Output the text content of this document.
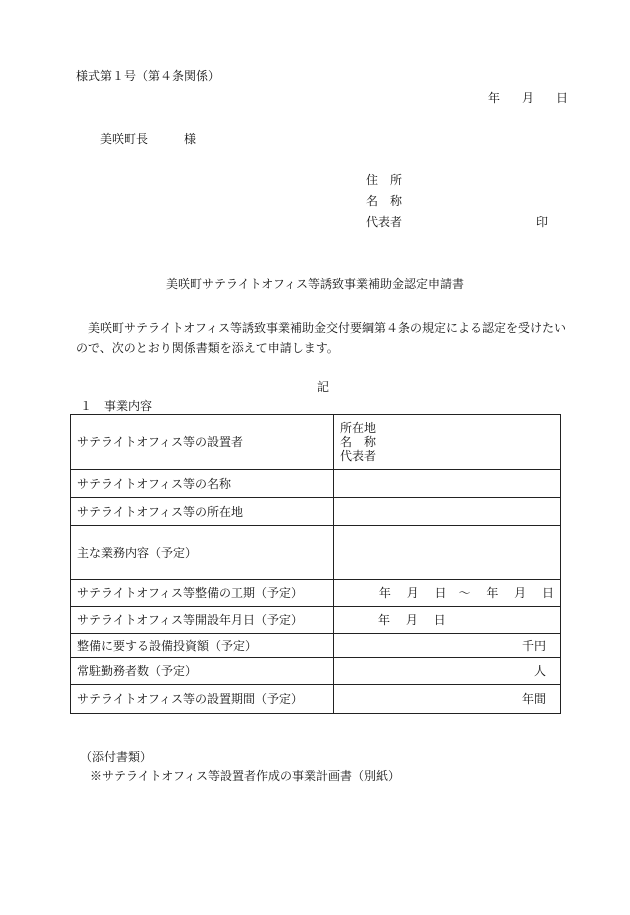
様式第１号（第４条関係）
年 月 日
美咲町長	様
住　所
名　称
代表者	印
美咲町サテライトオフィス等誘致事業補助金認定申請書
美咲町サテライトオフィス等誘致事業補助金交付要綱第４条の規定による認定を受けたいので、次のとおり関係書類を添えて申請します。
記
１　事業内容
サテライトオフィス等の設置者	所在地
名　称
代表者

サテライトオフィス等の名称	
サテライトオフィス等の所在地	
主な業務内容（予定）	
サテライトオフィス等整備の工期（予定）	年　 月　 日　～　 年　 月　 日
サテライトオフィス等開設年月日（予定）	年　 月　 日
整備に要する設備投資額（予定）	千円
常駐勤務者数（予定）	人
サテライトオフィス等の設置期間（予定）	年間
（添付書類）
※サテライトオフィス等設置者作成の事業計画書（別紙）
